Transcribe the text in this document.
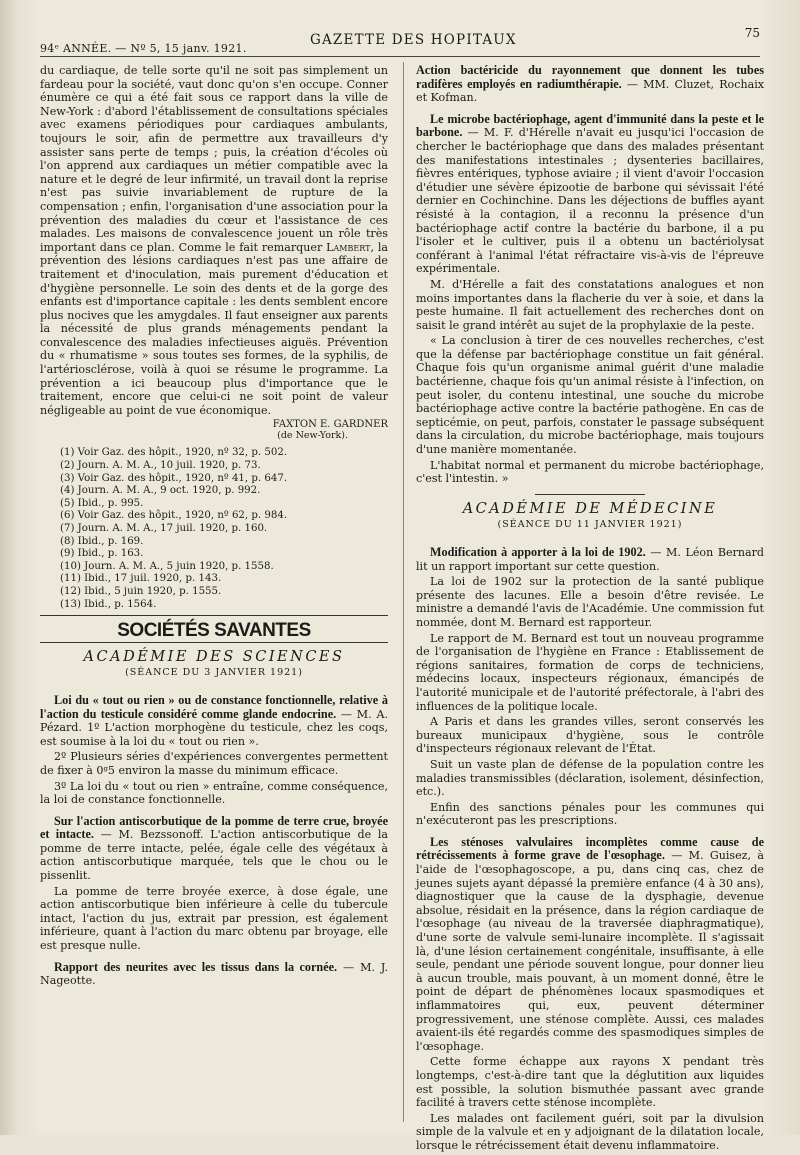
94ᵉ ANNÉE. — Nº 5, 15 janv. 1921.
GAZETTE DES HOPITAUX	75

du cardiaque, de telle sorte qu'il ne soit pas simplement un fardeau pour la société, vaut donc qu'on s'en occupe. Conner énumère ce qui a été fait sous ce rapport dans la ville de New-York : d'abord l'établissement de consultations spéciales avec examens périodiques pour cardiaques ambulants, toujours le soir, afin de permettre aux travailleurs d'y assister sans perte de temps ; puis, la création d'écoles où l'on apprend aux cardiaques un métier compatible avec la nature et le degré de leur infirmité, un travail dont la reprise n'est pas suivie invariablement de rupture de la compensation ; enfin, l'organisation d'une association pour la prévention des maladies du cœur et l'assistance de ces malades. Les maisons de convalescence jouent un rôle très important dans ce plan. Comme le fait remarquer Lambert, la prévention des lésions cardiaques n'est pas une affaire de traitement et d'inoculation, mais purement d'éducation et d'hygiène personnelle. Le soin des dents et de la gorge des enfants est d'importance capitale : les dents semblent encore plus nocives que les amygdales. Il faut enseigner aux parents la nécessité de plus grands ménagements pendant la convalescence des maladies infectieuses aiguës. Prévention du « rhumatisme » sous toutes ses formes, de la syphilis, de l'artériosclérose, voilà à quoi se résume le programme. La prévention a ici beaucoup plus d'importance que le traitement, encore que celui-ci ne soit point de valeur négligeable au point de vue économique.

FAXTON E. GARDNER
(de New-York).
(1) Voir Gaz. des hôpit., 1920, nº 32, p. 502.
(2) Journ. A. M. A., 10 juil. 1920, p. 73.
(3) Voir Gaz. des hôpit., 1920, nº 41, p. 647.
(4) Journ. A. M. A., 9 oct. 1920, p. 992.
(5) Ibid., p. 995.
(6) Voir Gaz. des hôpit., 1920, nº 62, p. 984.
(7) Journ. A. M. A., 17 juil. 1920, p. 160.
(8) Ibid., p. 169.
(9) Ibid., p. 163.
(10) Journ. A. M. A., 5 juin 1920, p. 1558.
(11) Ibid., 17 juil. 1920, p. 143.
(12) Ibid., 5 juin 1920, p. 1555.
(13) Ibid., p. 1564.
SOCIÉTÉS SAVANTES
ACADÉMIE DES SCIENCES
(SÉANCE DU 3 JANVIER 1921)

Loi du « tout ou rien » ou de constance fonctionnelle, relative à l'action du testicule considéré comme glande endocrine. — M. A. Pézard. 1º L'action morphogène du testicule, chez les coqs, est soumise à la loi du « tout ou rien ».

2º Plusieurs séries d'expériences convergentes permettent de fixer à 0ᵍ5 environ la masse du minimum efficace.

3º La loi du « tout ou rien » entraîne, comme conséquence, la loi de constance fonctionnelle.

Sur l'action antiscorbutique de la pomme de terre crue, broyée et intacte. — M. Bezssonoff. L'action antiscorbutique de la pomme de terre intacte, pelée, égale celle des végétaux à action antiscorbutique marquée, tels que le chou ou le pissenlit.

La pomme de terre broyée exerce, à dose égale, une action antiscorbutique bien inférieure à celle du tubercule intact, l'action du jus, extrait par pression, est également inférieure, quant à l'action du marc obtenu par broyage, elle est presque nulle.

Rapport des neurites avec les tissus dans la cornée. — M. J. Nageotte.

Action bactéricide du rayonnement que donnent les tubes radifères employés en radiumthérapie. — MM. Cluzet, Rochaix et Kofman.

Le microbe bactériophage, agent d'immunité dans la peste et le barbone. — M. F. d'Hérelle n'avait eu jusqu'ici l'occasion de chercher le bactériophage que dans des malades présentant des manifestations intestinales ; dysenteries bacillaires, fièvres entériques, typhose aviaire ; il vient d'avoir l'occasion d'étudier une sévère épizootie de barbone qui sévissait l'été dernier en Cochinchine. Dans les déjections de buffles ayant résisté à la contagion, il a reconnu la présence d'un bactériophage actif contre la bactérie du barbone, il a pu l'isoler et le cultiver, puis il a obtenu un bactériolysat conférant à l'animal l'état réfractaire vis-à-vis de l'épreuve expérimentale.

M. d'Hérelle a fait des constatations analogues et non moins importantes dans la flacherie du ver à soie, et dans la peste humaine. Il fait actuellement des recherches dont on saisit le grand intérêt au sujet de la prophylaxie de la peste.

« La conclusion à tirer de ces nouvelles recherches, c'est que la défense par bactériophage constitue un fait général. Chaque fois qu'un organisme animal guérit d'une maladie bactérienne, chaque fois qu'un animal résiste à l'infection, on peut isoler, du contenu intestinal, une souche du microbe bactériophage active contre la bactérie pathogène. En cas de septicémie, on peut, parfois, constater le passage subséquent dans la circulation, du microbe bactériophage, mais toujours d'une manière momentanée.

L'habitat normal et permanent du microbe bactériophage, c'est l'intestin. »

ACADÉMIE DE MÉDECINE
(SÉANCE DU 11 JANVIER 1921)

Modification à apporter à la loi de 1902. — M. Léon Bernard lit un rapport important sur cette question.

La loi de 1902 sur la protection de la santé publique présente des lacunes. Elle a besoin d'être revisée. Le ministre a demandé l'avis de l'Académie. Une commission fut nommée, dont M. Bernard est rapporteur.

Le rapport de M. Bernard est tout un nouveau programme de l'organisation de l'hygiène en France : Etablissement de régions sanitaires, formation de corps de techniciens, médecins locaux, inspecteurs régionaux, émancipés de l'autorité municipale et de l'autorité préfectorale, à l'abri des influences de la politique locale.

A Paris et dans les grandes villes, seront conservés les bureaux municipaux d'hygiène, sous le contrôle d'inspecteurs régionaux relevant de l'État.

Suit un vaste plan de défense de la population contre les maladies transmissibles (déclaration, isolement, désinfection, etc.).

Enfin des sanctions pénales pour les communes qui n'exécuteront pas les prescriptions.

Les sténoses valvulaires incomplètes comme cause de rétrécissements à forme grave de l'œsophage. — M. Guisez, à l'aide de l'œsophagoscope, a pu, dans cinq cas, chez de jeunes sujets ayant dépassé la première enfance (4 à 30 ans), diagnostiquer que la cause de la dysphagie, devenue absolue, résidait en la présence, dans la région cardiaque de l'œsophage (au niveau de la traversée diaphragmatique), d'une sorte de valvule semi-lunaire incomplète. Il s'agissait là, d'une lésion certainement congénitale, insuffisante, à elle seule, pendant une période souvent longue, pour donner lieu à aucun trouble, mais pouvant, à un moment donné, être le point de départ de phénomènes locaux spasmodiques et inflammatoires qui, eux, peuvent déterminer progressivement, une sténose complète. Aussi, ces malades avaient-ils été regardés comme des spasmodiques simples de l'œsophage.

Cette forme échappe aux rayons X pendant très longtemps, c'est-à-dire tant que la déglutition aux liquides est possible, la solution bismuthée passant avec grande facilité à travers cette sténose incomplète.

Les malades ont facilement guéri, soit par la divulsion simple de la valvule et en y adjoignant de la dilatation locale, lorsque le rétrécissement était devenu inflammatoire.
